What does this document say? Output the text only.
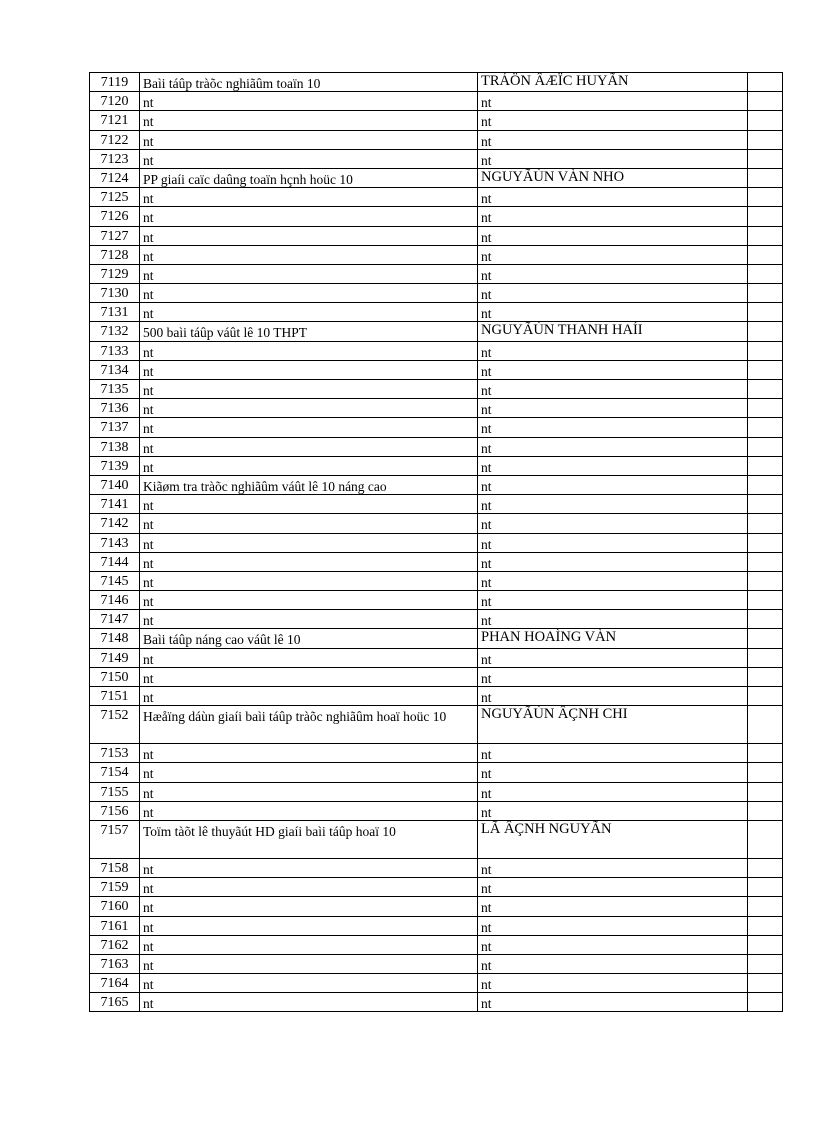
7119	Baìi táûp tràõc nghiãûm toaïn 10	TRÁÖN ÂÆÏC HUYÃN	
7120	nt	nt	
7121	nt	nt	
7122	nt	nt	
7123	nt	nt	
7124	PP giaíi caïc daûng toaïn hçnh hoüc 10	NGUYÃÙN VÀN NHO	
7125	nt	nt	
7126	nt	nt	
7127	nt	nt	
7128	nt	nt	
7129	nt	nt	
7130	nt	nt	
7131	nt	nt	
7132	500 baìi táûp váût lê 10 THPT	NGUYÃÙN THANH HAÍI	
7133	nt	nt	
7134	nt	nt	
7135	nt	nt	
7136	nt	nt	
7137	nt	nt	
7138	nt	nt	
7139	nt	nt	
7140	Kiãøm tra tràõc nghiãûm váût lê 10 náng cao	nt	
7141	nt	nt	
7142	nt	nt	
7143	nt	nt	
7144	nt	nt	
7145	nt	nt	
7146	nt	nt	
7147	nt	nt	
7148	Baìi táûp náng cao váût lê 10	PHAN HOAÌNG VÀN	
7149	nt	nt	
7150	nt	nt	
7151	nt	nt	
7152	Hæåïng dáùn giaíi baìi táûp tràõc nghiãûm hoaï hoüc 10	NGUYÃÙN ÂÇNH CHI	
7153	nt	nt	
7154	nt	nt	
7155	nt	nt	
7156	nt	nt	
7157	Toïm tàõt lê thuyãút HD giaíi baìi táûp hoaï 10	LÃ ÂÇNH NGUYÃN	
7158	nt	nt	
7159	nt	nt	
7160	nt	nt	
7161	nt	nt	
7162	nt	nt	
7163	nt	nt	
7164	nt	nt	
7165	nt	nt	
